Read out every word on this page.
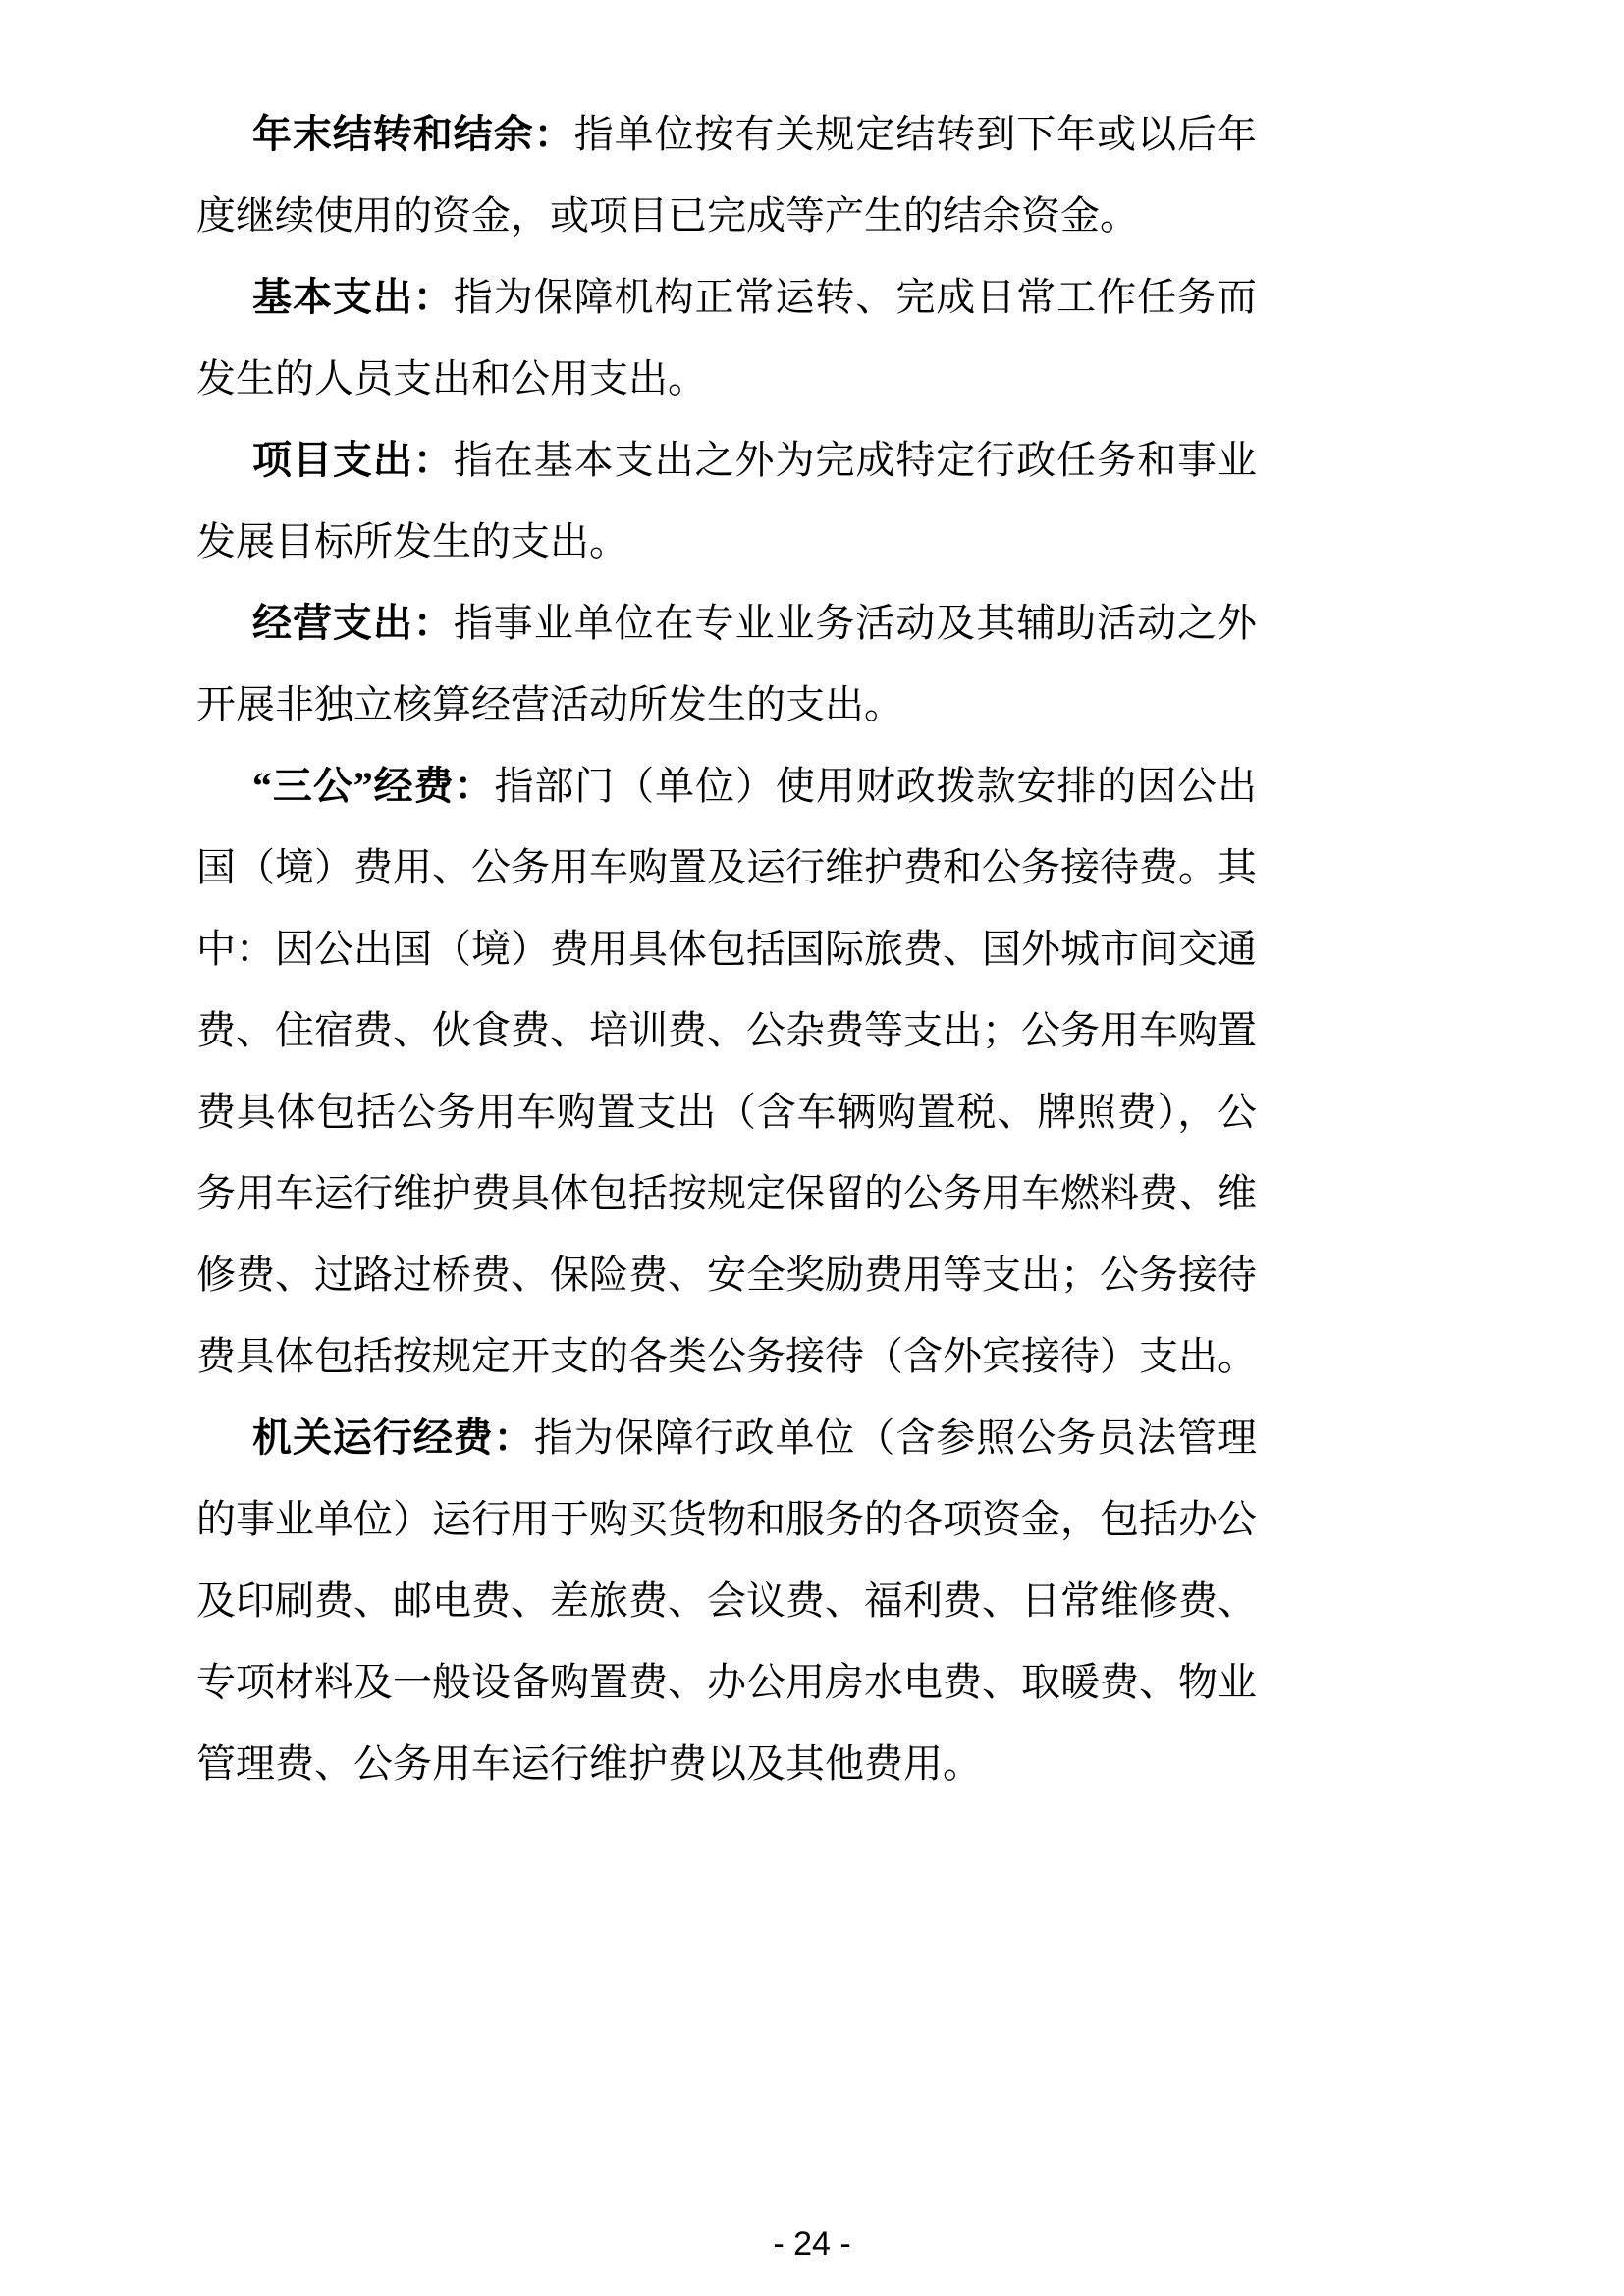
年末结转和结余：指单位按有关规定结转到下年或以后年度继续使用的资金，或项目已完成等产生的结余资金。

基本支出：指为保障机构正常运转、完成日常工作任务而发生的人员支出和公用支出。

项目支出：指在基本支出之外为完成特定行政任务和事业发展目标所发生的支出。

经营支出：指事业单位在专业业务活动及其辅助活动之外开展非独立核算经营活动所发生的支出。

“三公”经费：指部门（单位）使用财政拨款安排的因公出国（境）费用、公务用车购置及运行维护费和公务接待费。其中：因公出国（境）费用具体包括国际旅费、国外城市间交通费、住宿费、伙食费、培训费、公杂费等支出；公务用车购置费具体包括公务用车购置支出（含车辆购置税、牌照费），公务用车运行维护费具体包括按规定保留的公务用车燃料费、维修费、过路过桥费、保险费、安全奖励费用等支出；公务接待费具体包括按规定开支的各类公务接待（含外宾接待）支出。

机关运行经费：指为保障行政单位（含参照公务员法管理的事业单位）运行用于购买货物和服务的各项资金，包括办公及印刷费、邮电费、差旅费、会议费、福利费、日常维修费、专项材料及一般设备购置费、办公用房水电费、取暖费、物业管理费、公务用车运行维护费以及其他费用。

- 24 -
